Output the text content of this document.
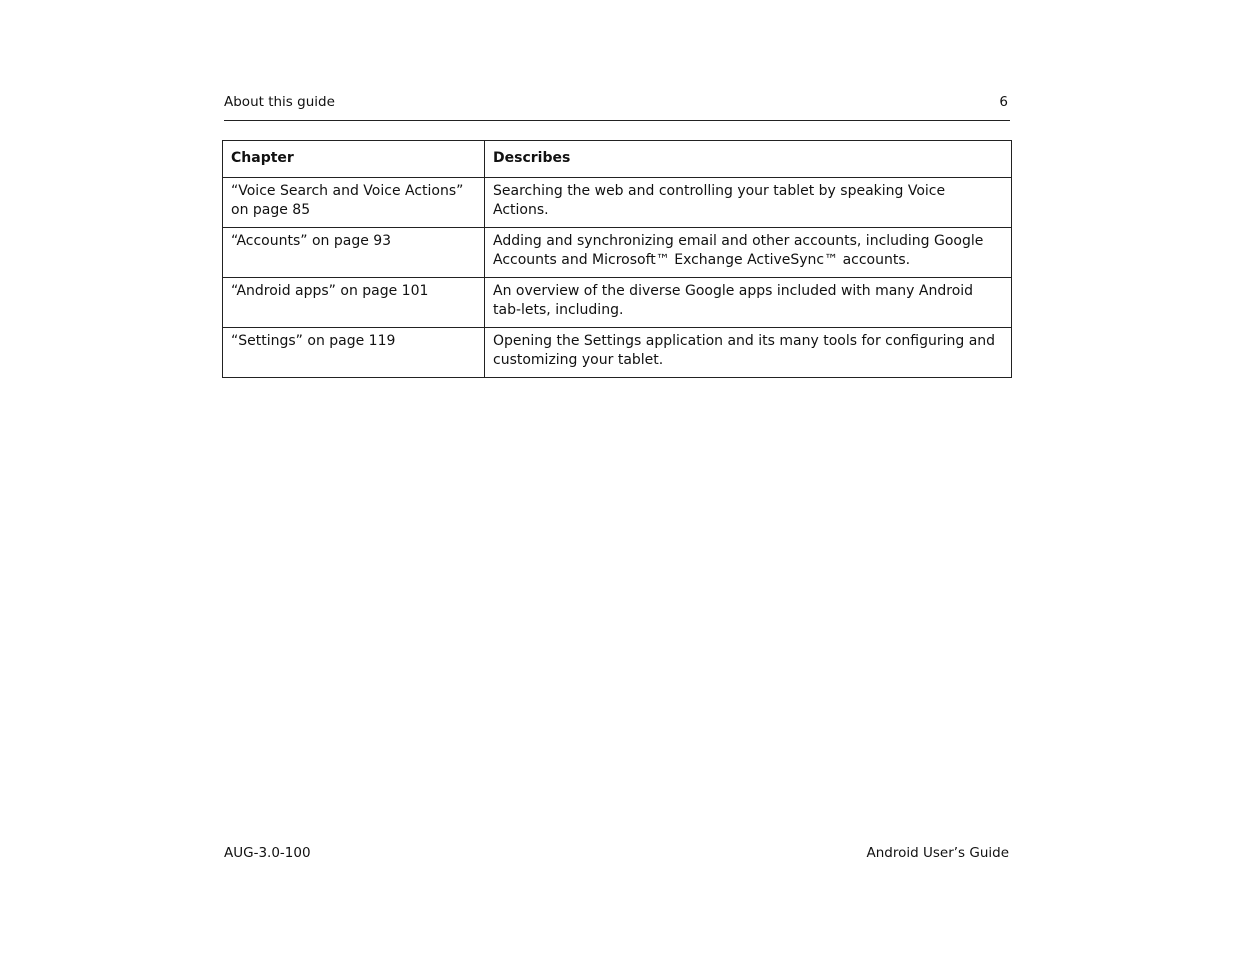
About this guide	6
Chapter	Describes
“Voice Search and Voice Actions” on page 85	Searching the web and controlling your tablet by speaking Voice Actions.
“Accounts” on page 93	Adding and synchronizing email and other accounts, including Google Accounts and Microsoft™ Exchange ActiveSync™ accounts.
“Android apps” on page 101	An overview of the diverse Google apps included with many Android tab-lets, including.
“Settings” on page 119	Opening the Settings application and its many tools for configuring and customizing your tablet.
AUG-3.0-100	Android User’s Guide
